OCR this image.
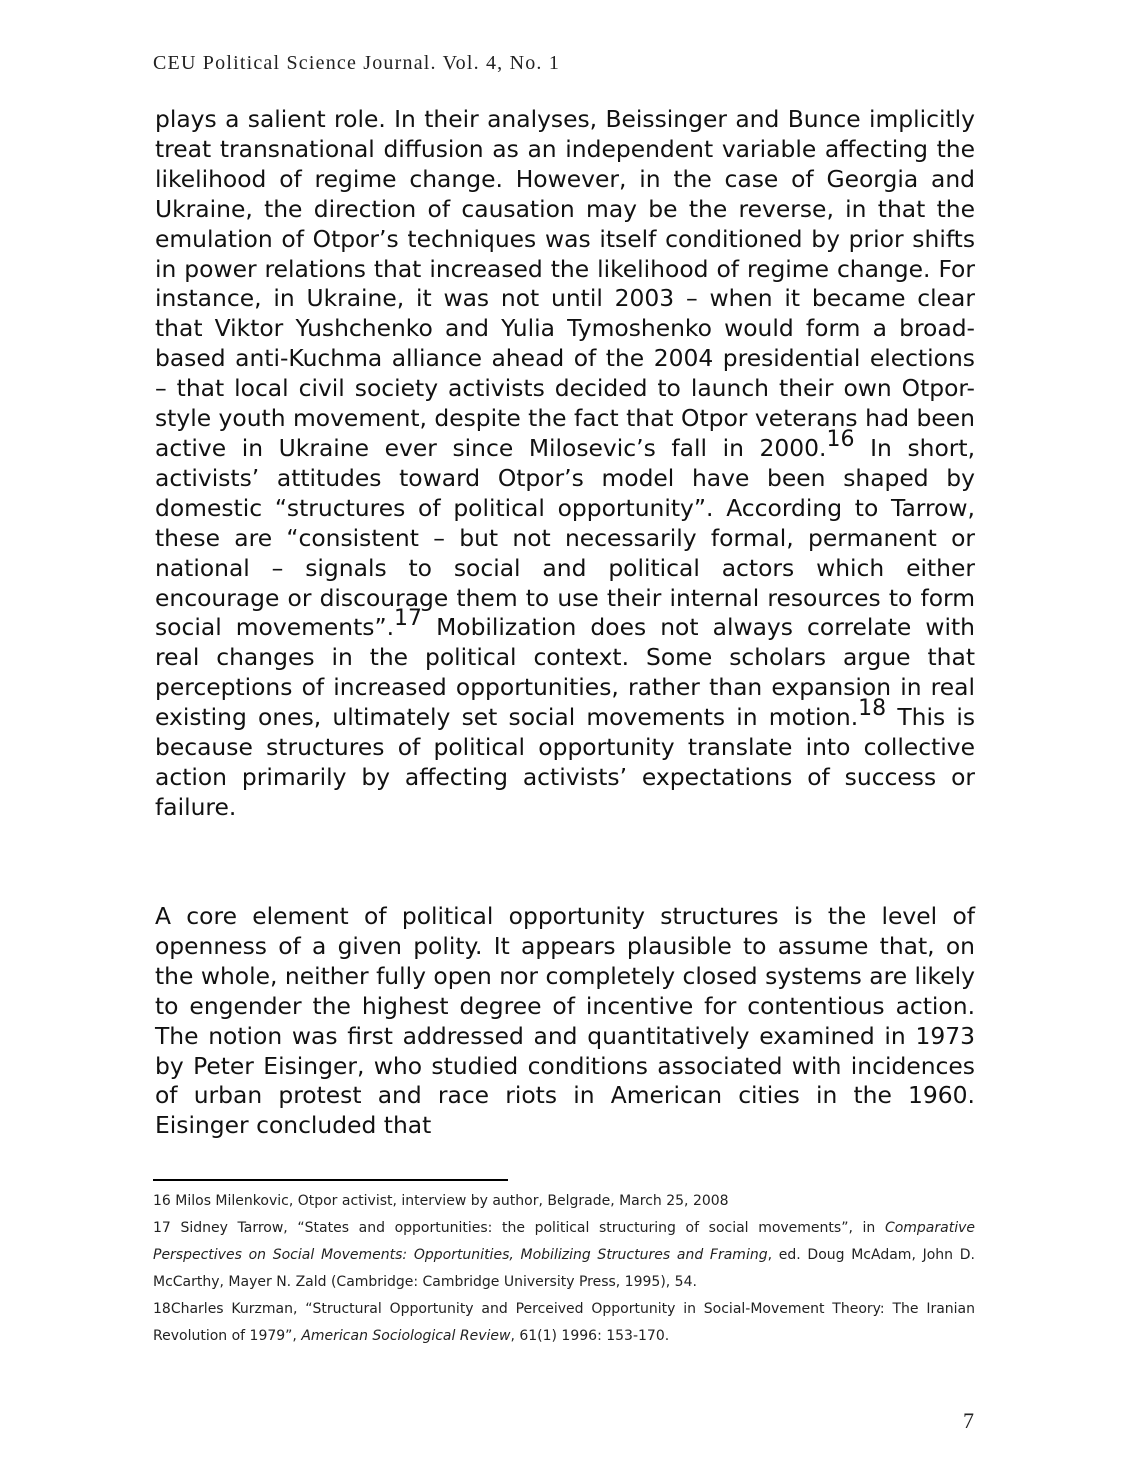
CEU Political Science Journal. Vol. 4, No. 1

plays a salient role. In their analyses, Beissinger and Bunce implicitly treat transnational diffusion as an independent variable affecting the likelihood of regime change. However, in the case of Georgia and Ukraine, the direction of causation may be the reverse, in that the emulation of Otpor’s techniques was itself conditioned by prior shifts in power relations that increased the likelihood of regime change. For instance, in Ukraine, it was not until 2003 – when it became clear that Viktor Yushchenko and Yulia Tymoshenko would form a broad-based anti-Kuchma alliance ahead of the 2004 presidential elections – that local civil society activists decided to launch their own Otpor-style youth movement, despite the fact that Otpor veterans had been active in Ukraine ever since Milosevic’s fall in 2000.16 In short, activists’ attitudes toward Otpor’s model have been shaped by domestic “structures of political opportunity”. According to Tarrow, these are “consistent – but not necessarily formal, permanent or national – signals to social and political actors which either encourage or discourage them to use their internal resources to form social movements”.$^{17}$ Mobilization does not always correlate with real changes in the political context. Some scholars argue that perceptions of increased opportunities, rather than expansion in real existing ones, ultimately set social movements in motion.$^{18}$ This is because structures of political opportunity translate into collective action primarily by affecting activists’ expectations of success or failure.

A core element of political opportunity structures is the level of openness of a given polity. It appears plausible to assume that, on the whole, neither fully open nor completely closed systems are likely to engender the highest degree of incentive for contentious action. The notion was first addressed and quantitatively examined in 1973 by Peter Eisinger, who studied conditions associated with incidences of urban protest and race riots in American cities in the 1960. Eisinger concluded that

16 Milos Milenkovic, Otpor activist, interview by author, Belgrade, March 25, 2008

17 Sidney Tarrow, “States and opportunities: the political structuring of social movements”, in Comparative Perspectives on Social Movements: Opportunities, Mobilizing Structures and Framing, ed. Doug McAdam, John D. McCarthy, Mayer N. Zald (Cambridge: Cambridge University Press, 1995), 54.

18Charles Kurzman, “Structural Opportunity and Perceived Opportunity in Social-Movement Theory: The Iranian Revolution of 1979”, American Sociological Review, 61(1) 1996: 153-170.

7
